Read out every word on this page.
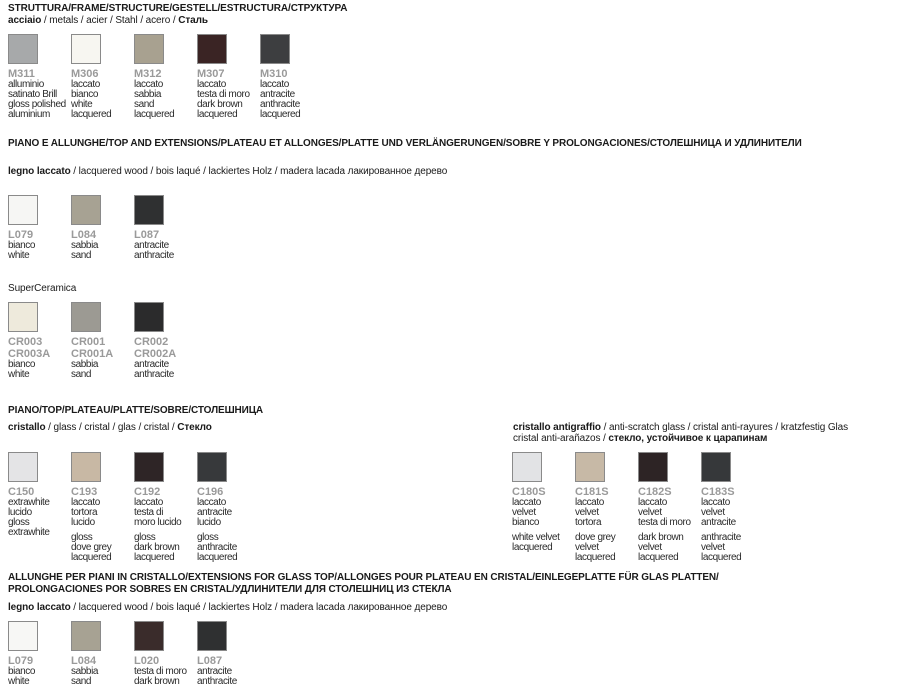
STRUTTURA/FRAME/STRUCTURE/GESTELL/ESTRUCTURA/СТРУКТУРА
acciaio / metals / acier / Stahl / acero / Сталь
M311
alluminio
satinato Brill
gloss polished
aluminium
M306
laccato
bianco
white
lacquered
M312
laccato
sabbia
sand
lacquered
M307
laccato
testa di moro
dark brown
lacquered
M310
laccato
antracite
anthracite
lacquered
PIANO E ALLUNGHE/TOP AND EXTENSIONS/PLATEAU ET ALLONGES/PLATTE UND VERLÄNGERUNGEN/SOBRE Y PROLONGACIONES/СТОЛЕШНИЦА И УДЛИНИТЕЛИ
legno laccato / lacquered wood / bois laqué / lackiertes Holz / madera lacada лакированное дерево
L079
bianco
white
L084
sabbia
sand
L087
antracite
anthracite
SuperCeramica
CR003
CR003A
bianco
white
CR001
CR001A
sabbia
sand
CR002
CR002A
antracite
anthracite
PIANO/TOP/PLATEAU/PLATTE/SOBRE/СТОЛЕШНИЦА
cristallo / glass / cristal / glas / cristal / Стекло
C150
extrawhite
lucido
gloss
extrawhite
C193
laccato
tortora
lucido
gloss
dove grey
lacquered
C192
laccato
testa di
moro lucido
gloss
dark brown
lacquered
C196
laccato
antracite
lucido
gloss
anthracite
lacquered
cristallo antigraffio / anti-scratch glass / cristal anti-rayures / kratzfestig Glas
cristal anti-arañazos / стекло, устойчивое к царапинам
C180S
laccato
velvet
bianco
white velvet
lacquered
C181S
laccato
velvet
tortora
dove grey
velvet
lacquered
C182S
laccato
velvet
testa di moro
dark brown
velvet
lacquered
C183S
laccato
velvet
antracite
anthracite
velvet
lacquered
ALLUNGHE PER PIANI IN CRISTALLO/EXTENSIONS FOR GLASS TOP/ALLONGES POUR PLATEAU EN CRISTAL/EINLEGEPLATTE FÜR GLAS PLATTEN/
PROLONGACIONES POR SOBRES EN CRISTAL/УДЛИНИТЕЛИ ДЛЯ СТОЛЕШНИЦ ИЗ СТЕКЛА
legno laccato / lacquered wood / bois laqué / lackiertes Holz / madera lacada лакированное дерево
L079
bianco
white
L084
sabbia
sand
L020
testa di moro
dark brown
L087
antracite
anthracite
